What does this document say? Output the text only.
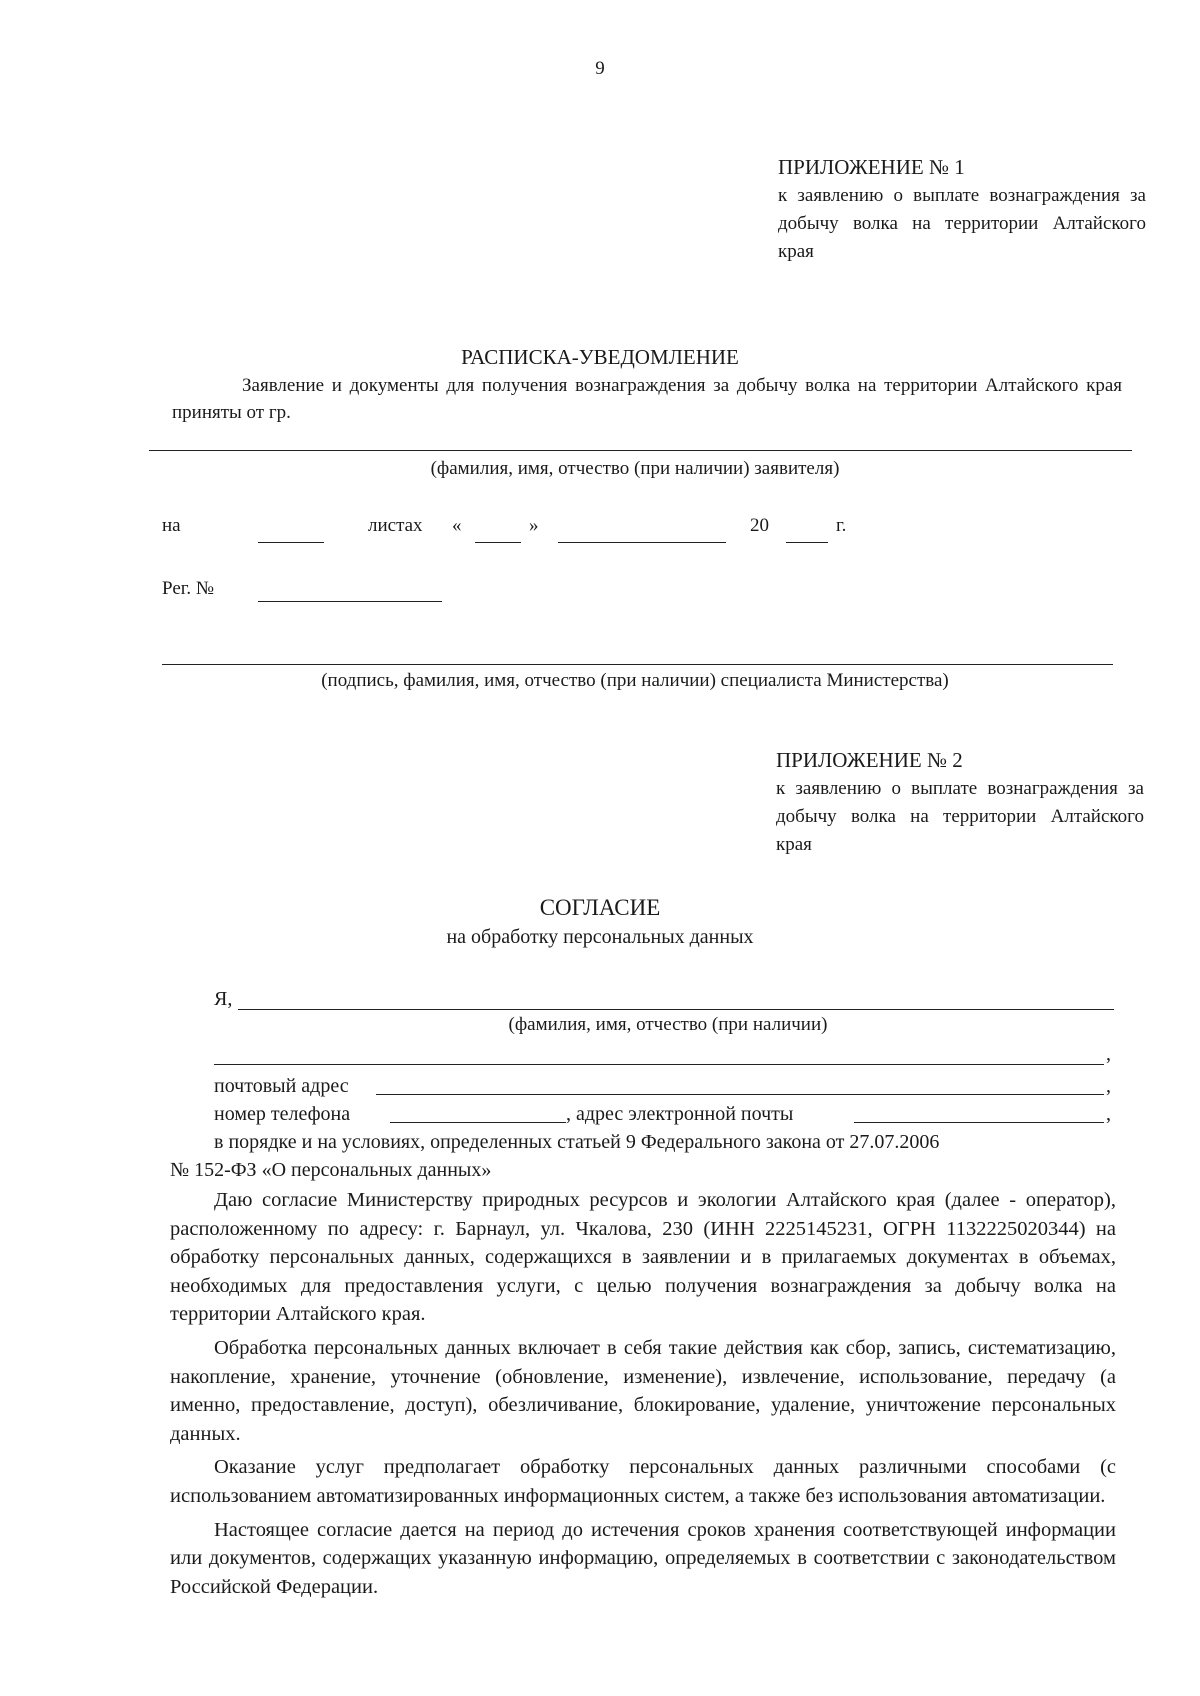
9
ПРИЛОЖЕНИЕ № 1
к заявлению о выплате вознаграждения за добычу волка на территории Алтайского края
РАСПИСКА-УВЕДОМЛЕНИЕ
Заявление и документы для получения вознаграждения за добычу волка на территории Алтайского края приняты от гр.
(фамилия, имя, отчество (при наличии) заявителя)
на	листах «	»	20	г.
Рег. №
(подпись, фамилия, имя, отчество (при наличии) специалиста Министерства)
ПРИЛОЖЕНИЕ № 2
к заявлению о выплате вознаграждения за добычу волка на территории Алтайского края
СОГЛАСИЕ
на обработку персональных данных
Я,
(фамилия, имя, отчество (при наличии)
,
почтовый адрес	,
номер телефона	, адрес электронной почты	,
в порядке и на условиях, определенных статьей 9 Федерального закона от 27.07.2006
№ 152-ФЗ «О персональных данных»

Даю согласие Министерству природных ресурсов и экологии Алтайского края (далее - оператор), расположенному по адресу: г. Барнаул, ул. Чкалова, 230 (ИНН 2225145231, ОГРН 1132225020344) на обработку персональных данных, содержащихся в заявлении и в прилагаемых документах в объемах, необходимых для предоставления услуги, с целью получения вознаграждения за добычу волка на территории Алтайского края.

Обработка персональных данных включает в себя такие действия как сбор, запись, систематизацию, накопление, хранение, уточнение (обновление, изменение), извлечение, использование, передачу (а именно, предоставление, доступ), обезличивание, блокирование, удаление, уничтожение персональных данных.

Оказание услуг предполагает обработку персональных данных различными способами (с использованием автоматизированных информационных систем, а также без использования автоматизации.

Настоящее согласие дается на период до истечения сроков хранения соответствующей информации или документов, содержащих указанную информацию, определяемых в соответствии с законодательством Российской Федерации.
